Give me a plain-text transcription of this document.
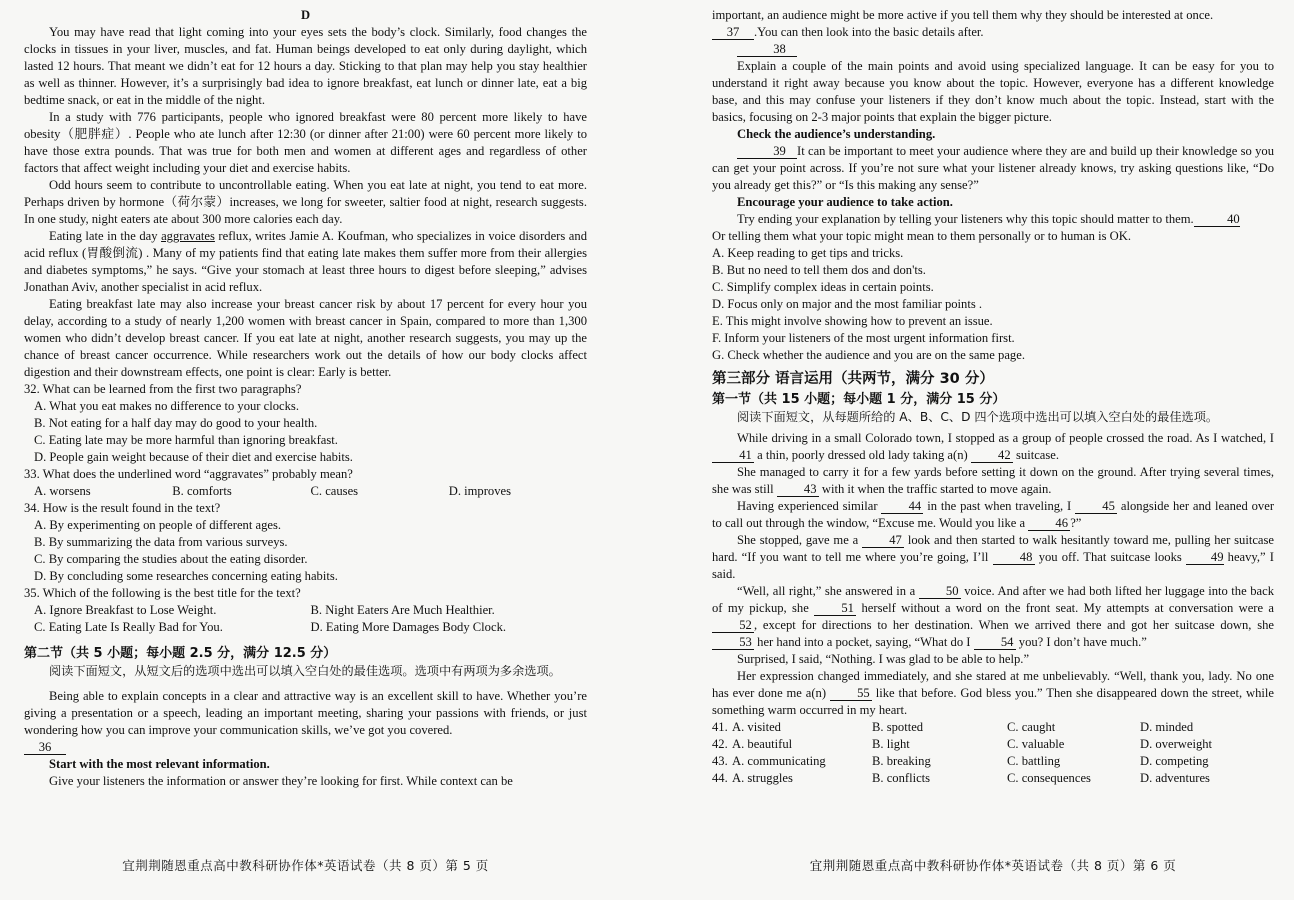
D

You may have read that light coming into your eyes sets the body’s clock. Similarly, food changes the clocks in tissues in your liver, muscles, and fat. Human beings developed to eat only during daylight, which lasted 12 hours. That meant we didn’t eat for 12 hours a day. Sticking to that plan may help you stay healthier as well as thinner. However, it’s a surprisingly bad idea to ignore breakfast, eat lunch or dinner late, eat a big bedtime snack, or eat in the middle of the night.

In a study with 776 participants, people who ignored breakfast were 80 percent more likely to have obesity（肥胖症）. People who ate lunch after 12:30 (or dinner after 21:00) were 60 percent more likely to have those extra pounds. That was true for both men and women at different ages and regardless of other factors that affect weight including your diet and exercise habits.

Odd hours seem to contribute to uncontrollable eating. When you eat late at night, you tend to eat more. Perhaps driven by hormone（荷尔蒙）increases, we long for sweeter, saltier food at night, research suggests. In one study, night eaters ate about 300 more calories each day.

Eating late in the day aggravates reflux, writes Jamie A. Koufman, who specializes in voice disorders and acid reflux (胃酸倒流) . Many of my patients find that eating late makes them suffer more from their allergies and diabetes symptoms,” he says. “Give your stomach at least three hours to digest before sleeping,” advises Jonathan Aviv, another specialist in acid reflux.

Eating breakfast late may also increase your breast cancer risk by about 17 percent for every hour you delay, according to a study of nearly 1,200 women with breast cancer in Spain, compared to more than 1,300 women who didn’t develop breast cancer. If you eat late at night, another research suggests, you may up the chance of breast cancer occurrence. While researchers work out the details of how our body clocks affect digestion and their downstream effects, one point is clear: Early is better.

32. What can be learned from the first two paragraphs?

A. What you eat makes no difference to your clocks.

B. Not eating for a half day may do good to your health.

C. Eating late may be more harmful than ignoring breakfast.

D. People gain weight because of their diet and exercise habits.

33. What does the underlined word “aggravates” probably mean?

A. worsens	B. comforts	C. causes	D. improves

34. How is the result found in the text?

A. By experimenting on people of different ages.

B. By summarizing the data from various surveys.

C. By comparing the studies about the eating disorder.

D. By concluding some researches concerning eating habits.

35. Which of the following is the best title for the text?

A. Ignore Breakfast to Lose Weight.	B. Night Eaters Are Much Healthier.
C. Eating Late Is Really Bad for You.	D. Eating More Damages Body Clock.

第二节（共 5 小题；每小题 2.5 分，满分 12.5 分）

阅读下面短文，从短文后的选项中选出可以填入空白处的最佳选项。选项中有两项为多余选项。

Being able to explain concepts in a clear and attractive way is an excellent skill to have. Whether you’re giving a presentation or a speech, leading an important meeting, sharing your passions with friends, or just wondering how you can improve your communication skills, we’ve got you covered.

36

Start with the most relevant information.

Give your listeners the information or answer they’re looking for first. While context can be

宜荆荆随恩重点高中教科研协作体*英语试卷（共 8 页）第 5 页

important, an audience might be more active if you tell them why they should be interested at once.

37 .You can then look into the basic details after.

38

Explain a couple of the main points and avoid using specialized language. It can be easy for you to understand it right away because you know about the topic. However, everyone has a different knowledge base, and this may confuse your listeners if they don’t know much about the topic. Instead, start with the basics, focusing on 2-3 major points that explain the bigger picture.

Check the audience’s understanding.

39 It can be important to meet your audience where they are and build up their knowledge so you can get your point across. If you’re not sure what your listener already knows, try asking questions like, “Do you already get this?” or “Is this making any sense?”

Encourage your audience to take action.

Try ending your explanation by telling your listeners why this topic should matter to them.	40

Or telling them what your topic might mean to them personally or to human is OK.

A. Keep reading to get tips and tricks.

B. But no need to tell them dos and don'ts.

C. Simplify complex ideas in certain points.

D. Focus only on major and the most familiar points .

E. This might involve showing how to prevent an issue.

F. Inform your listeners of the most urgent information first.

G. Check whether the audience and you are on the same page.

第三部分 语言运用（共两节，满分 30 分）

第一节（共 15 小题；每小题 1 分，满分 15 分）

阅读下面短文，从每题所给的 A、B、C、D 四个选项中选出可以填入空白处的最佳选项。

While driving in a small Colorado town, I stopped as a group of people crossed the road. As I watched, I 41 a thin, poorly dressed old lady taking a(n) 42 suitcase.

She managed to carry it for a few yards before setting it down on the ground. After trying several times, she was still 43 with it when the traffic started to move again.

Having experienced similar 44 in the past when traveling, I 45 alongside her and leaned over to call out through the window, “Excuse me. Would you like a 46 ?”

She stopped, gave me a 47 look and then started to walk hesitantly toward me, pulling her suitcase hard. “If you want to tell me where you’re going, I’ll 48 you off. That suitcase looks 49 heavy,” I said.

“Well, all right,” she answered in a 50 voice. And after we had both lifted her luggage into the back of my pickup, she 51 herself without a word on the front seat. My attempts at conversation were a 52 , except for directions to her destination. When we arrived there and got her suitcase down, she 53 her hand into a pocket, saying, “What do I 54 you? I don’t have much.”

Surprised, I said, “Nothing. I was glad to be able to help.”

Her expression changed immediately, and she stared at me unbelievably. “Well, thank you, lady. No one has ever done me a(n) 55 like that before. God bless you.” Then she disappeared down the street, while something warm occurred in my heart.

41. A. visited	B. spotted	C. caught	D. minded
42. A. beautiful	B. light	C. valuable	D. overweight
43. A. communicating	B. breaking	C. battling	D. competing
44. A. struggles	B. conflicts	C. consequences	D. adventures
宜荆荆随恩重点高中教科研协作体*英语试卷（共 8 页）第 6 页
